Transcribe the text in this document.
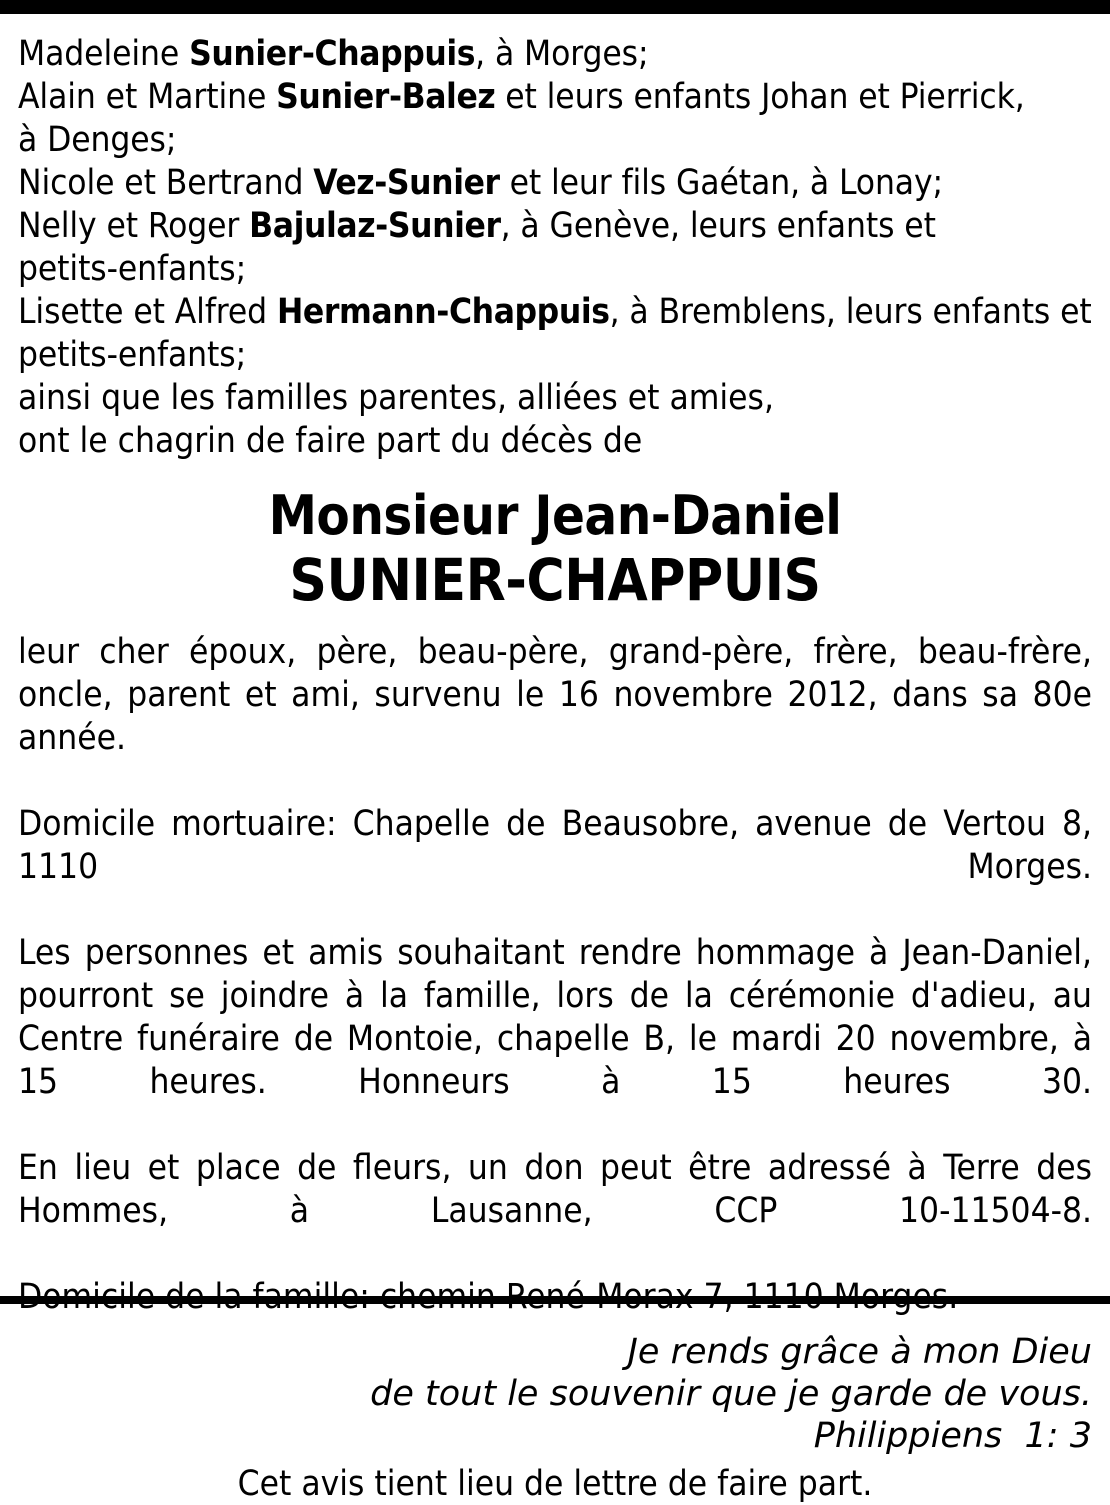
Madeleine Sunier-Chappuis, à Morges;
Alain et Martine Sunier-Balez et leurs enfants Johan et Pierrick,
à Denges;
Nicole et Bertrand Vez-Sunier et leur fils Gaétan, à Lonay;
Nelly et Roger Bajulaz-Sunier, à Genève, leurs enfants et
petits-enfants;
Lisette et Alfred Hermann-Chappuis, à Bremblens, leurs enfants et
petits-enfants;
ainsi que les familles parentes, alliées et amies,
ont le chagrin de faire part du décès de
Monsieur Jean-Daniel
SUNIER-CHAPPUIS

leur cher époux, père, beau-père, grand-père, frère, beau-frère, oncle, parent et ami, survenu le 16 novembre 2012, dans sa 80e année.

Domicile mortuaire: Chapelle de Beausobre, avenue de Vertou 8, 1110 Morges.

Les personnes et amis souhaitant rendre hommage à Jean-Daniel, pourront se joindre à la famille, lors de la cérémonie d'adieu, au Centre funéraire de Montoie, chapelle B, le mardi 20 novembre, à 15 heures. Honneurs à 15 heures 30.

En lieu et place de fleurs, un don peut être adressé à Terre des Hommes, à Lausanne, CCP 10-11504-8.

Je rends grâce à mon Dieu
de tout le souvenir que je garde de vous.
Philippiens  1: 3
Cet avis tient lieu de lettre de faire part.
